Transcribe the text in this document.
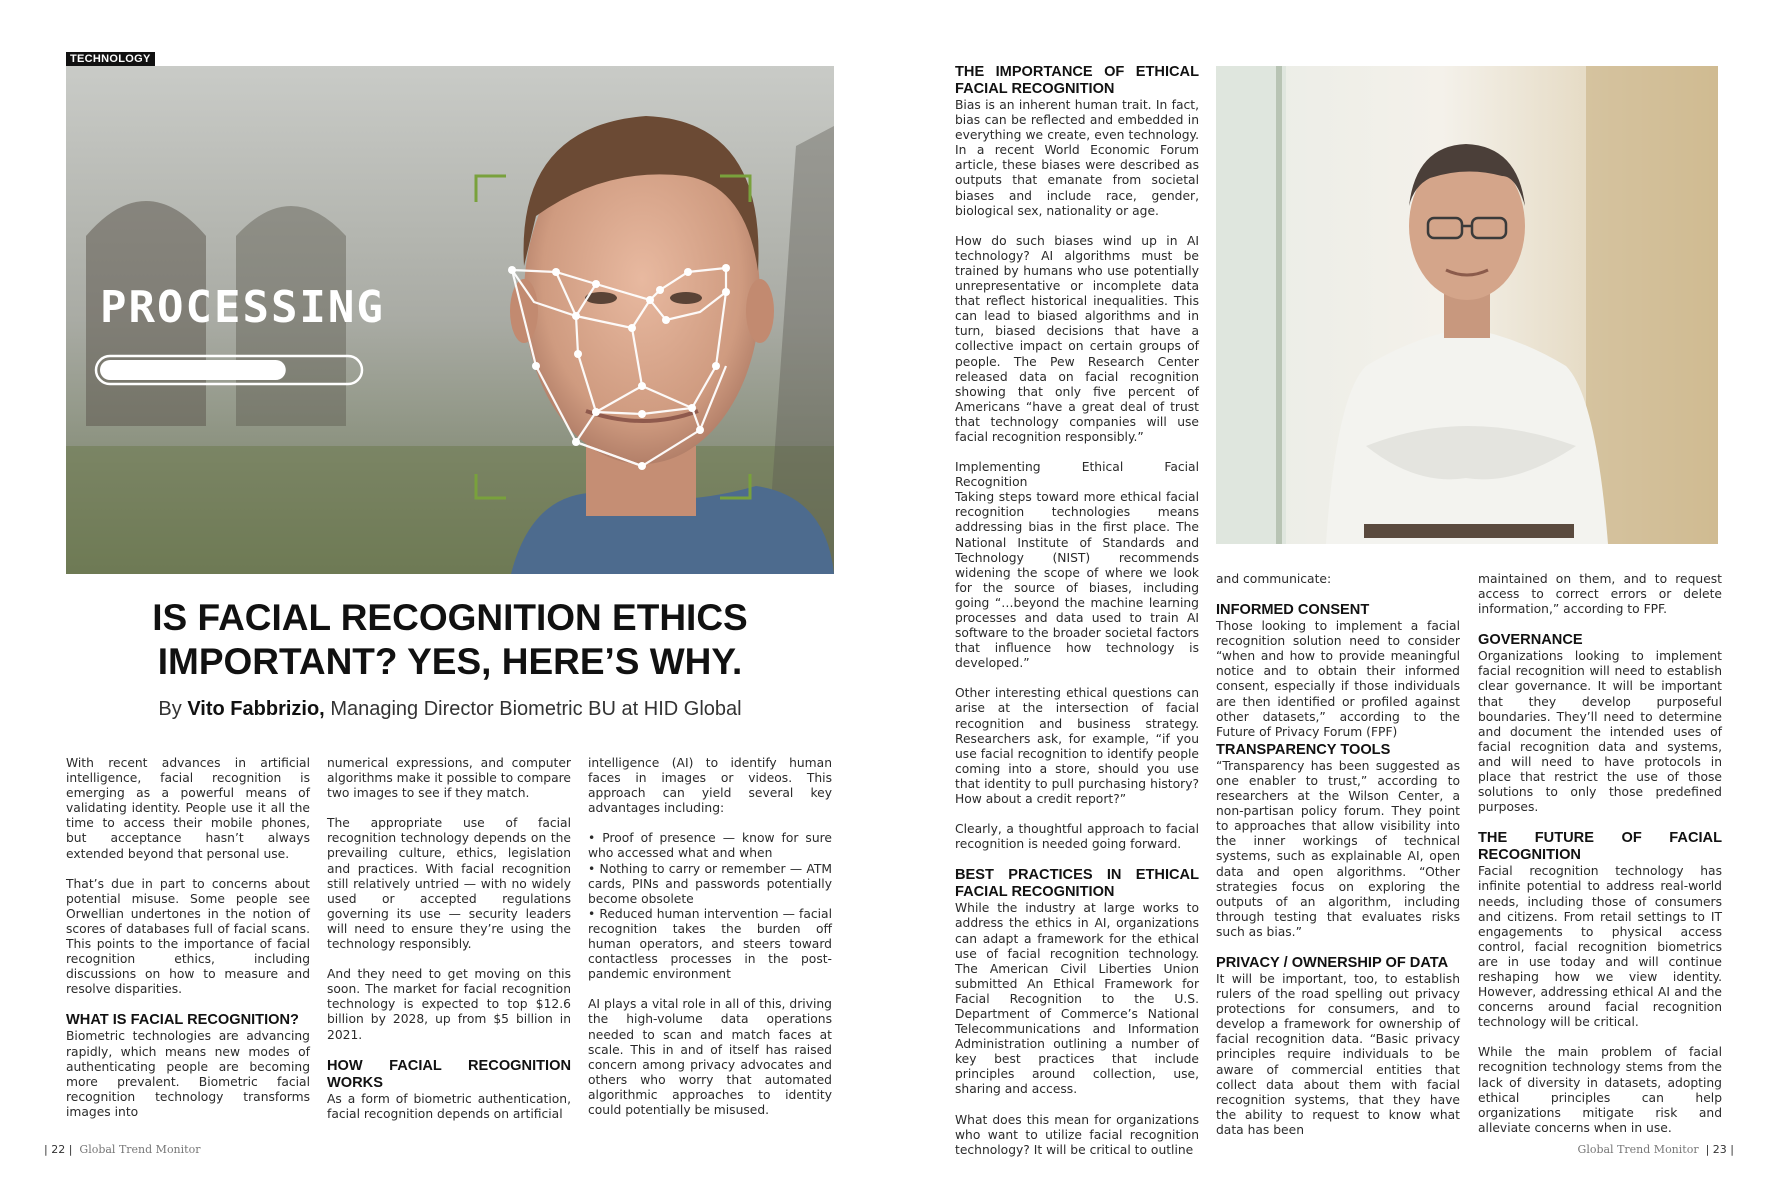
TECHNOLOGY
PROCESSING
IS FACIAL RECOGNITION ETHICS
IMPORTANT? YES, HERE’S WHY.
By Vito Fabbrizio, Managing Director Biometric BU at HID Global

With recent advances in artificial intelligence, facial recognition is emerging as a powerful means of validating identity. People use it all the time to access their mobile phones, but acceptance hasn’t always extended beyond that personal use.

That’s due in part to concerns about potential misuse. Some people see Orwellian undertones in the notion of scores of databases full of facial scans. This points to the importance of facial recognition ethics, including discussions on how to measure and resolve disparities.

WHAT IS FACIAL RECOGNITION?

Biometric technologies are advancing rapidly, which means new modes of authenticating people are becoming more prevalent. Biometric facial recognition technology transforms images into

numerical expressions, and computer algorithms make it possible to compare two images to see if they match.

The appropriate use of facial recognition technology depends on the prevailing culture, ethics, legislation and practices. With facial recognition still relatively untried — with no widely used or accepted regulations governing its use — security leaders will need to ensure they’re using the technology responsibly.

And they need to get moving on this soon. The market for facial recognition technology is expected to top $12.6 billion by 2028, up from $5 billion in 2021.

HOW FACIAL RECOGNITION WORKS

As a form of biometric authentication, facial recognition depends on artificial

intelligence (AI) to identify human faces in images or videos. This approach can yield several key advantages including:

• Proof of presence — know for sure who accessed what and when
• Nothing to carry or remember — ATM cards, PINs and passwords potentially become obsolete
• Reduced human intervention — facial recognition takes the burden off human operators, and steers toward contactless processes in the post-pandemic environment

AI plays a vital role in all of this, driving the high-volume data operations needed to scan and match faces at scale. This in and of itself has raised concern among privacy advocates and others who worry that automated algorithmic approaches to identity could potentially be misused.

| 22 | Global Trend Monitor
THE IMPORTANCE OF ETHICAL FACIAL RECOGNITION

Bias is an inherent human trait. In fact, bias can be reflected and embedded in everything we create, even technology. In a recent World Economic Forum article, these biases were described as outputs that emanate from societal biases and include race, gender, biological sex, nationality or age.

How do such biases wind up in AI technology? AI algorithms must be trained by humans who use potentially unrepresentative or incomplete data that reflect historical inequalities. This can lead to biased algorithms and in turn, biased decisions that have a collective impact on certain groups of people. The Pew Research Center released data on facial recognition showing that only five percent of Americans “have a great deal of trust that technology companies will use facial recognition responsibly.”

Implementing Ethical Facial Recognition

Taking steps toward more ethical facial recognition technologies means addressing bias in the first place. The National Institute of Standards and Technology (NIST) recommends widening the scope of where we look for the source of biases, including going “…beyond the machine learning processes and data used to train AI software to the broader societal factors that influence how technology is developed.”

Other interesting ethical questions can arise at the intersection of facial recognition and business strategy. Researchers ask, for example, “if you use facial recognition to identify people coming into a store, should you use that identity to pull purchasing history? How about a credit report?”

Clearly, a thoughtful approach to facial recognition is needed going forward.

BEST PRACTICES IN ETHICAL FACIAL RECOGNITION

While the industry at large works to address the ethics in AI, organizations can adapt a framework for the ethical use of facial recognition technology. The American Civil Liberties Union submitted An Ethical Framework for Facial Recognition to the U.S. Department of Commerce’s National Telecommunications and Information Administration outlining a number of key best practices that include principles around collection, use, sharing and access.

What does this mean for organizations who want to utilize facial recognition technology? It will be critical to outline

and communicate:

INFORMED CONSENT

Those looking to implement a facial recognition solution need to consider “when and how to provide meaningful notice and to obtain their informed consent, especially if those individuals are then identified or profiled against other datasets,” according to the Future of Privacy Forum (FPF)

TRANSPARENCY TOOLS

“Transparency has been suggested as one enabler to trust,” according to researchers at the Wilson Center, a non-partisan policy forum. They point to approaches that allow visibility into the inner workings of technical systems, such as explainable AI, open data and open algorithms. “Other strategies focus on exploring the outputs of an algorithm, including through testing that evaluates risks such as bias.”

PRIVACY / OWNERSHIP OF DATA

It will be important, too, to establish rulers of the road spelling out privacy protections for consumers, and to develop a framework for ownership of facial recognition data. “Basic privacy principles require individuals to be aware of commercial entities that collect data about them with facial recognition systems, that they have the ability to request to know what data has been

maintained on them, and to request access to correct errors or delete information,” according to FPF.

GOVERNANCE

Organizations looking to implement facial recognition will need to establish clear governance. It will be important that they develop purposeful boundaries. They’ll need to determine and document the intended uses of facial recognition data and systems, and will need to have protocols in place that restrict the use of those solutions to only those predefined purposes.

THE FUTURE OF FACIAL RECOGNITION

Facial recognition technology has infinite potential to address real-world needs, including those of consumers and citizens. From retail settings to IT engagements to physical access control, facial recognition biometrics are in use today and will continue reshaping how we view identity. However, addressing ethical AI and the concerns around facial recognition technology will be critical.

While the main problem of facial recognition technology stems from the lack of diversity in datasets, adopting ethical principles can help organizations mitigate risk and alleviate concerns when in use.

Global Trend Monitor | 23 |
